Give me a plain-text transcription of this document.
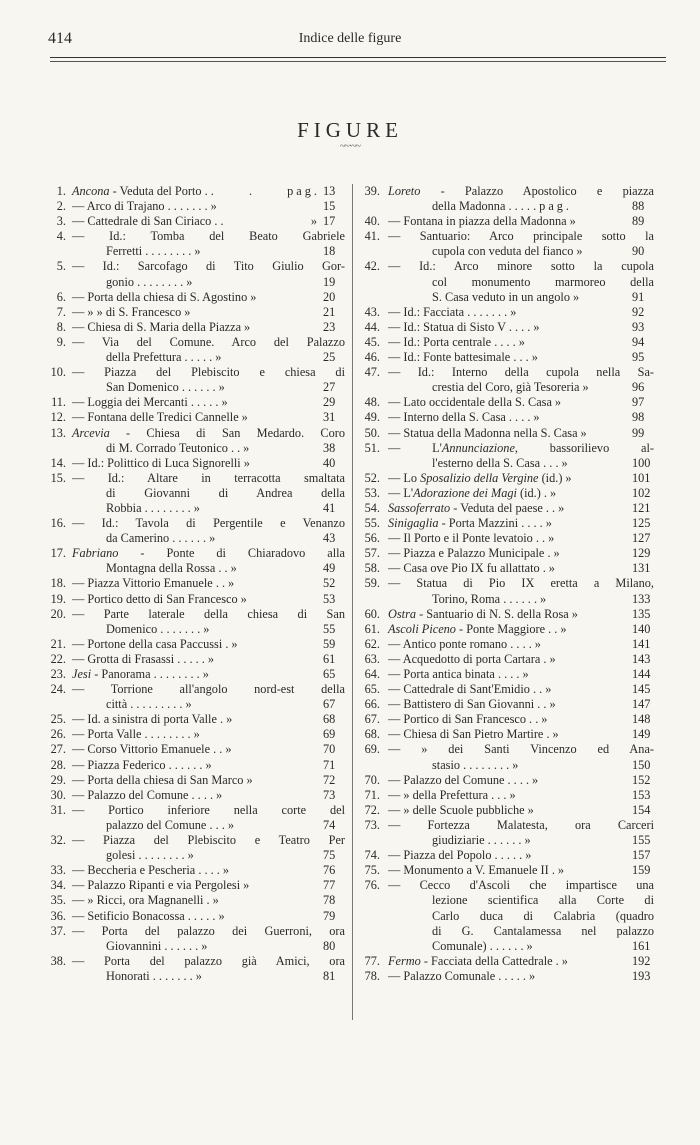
414	Indice delle figure
FIGURE
~~·~~
1. Ancona - Veduta del Porto . . . pag. 13
2. — Arco di Trajano . . . . . . . »	15
3. — Cattedrale di San Ciriaco . . » 17
4. — Id.: Tomba del Beato Gabriele
Ferretti . . . . . . . . »	18
5. — Id.: Sarcofago di Tito Giulio Gor-
gonio . . . . . . . . »	19
6. — Porta della chiesa di S. Agostino »	20
7. — » » di S. Francesco »	21
8. — Chiesa di S. Maria della Piazza »	23
9. — Via del Comune. Arco del Palazzo
della Prefettura . . . . . »	25
10. — Piazza del Plebiscito e chiesa di
San Domenico . . . . . . »	27
11. — Loggia dei Mercanti . . . . . »	29
12. — Fontana delle Tredici Cannelle »	31
13. Arcevia - Chiesa di San Medardo. Coro
di M. Corrado Teutonico . . »	38
14. — Id.: Polittico di Luca Signorelli »	40
15. — Id.: Altare in terracotta smaltata
di Giovanni di Andrea della
Robbia . . . . . . . . »	41
16. — Id.: Tavola di Pergentile e Venanzo
da Camerino . . . . . . »	43
17. Fabriano - Ponte di Chiaradovo alla
Montagna della Rossa . . »	49
18. — Piazza Vittorio Emanuele . . »	52
19. — Portico detto di San Francesco »	53
20. — Parte laterale della chiesa di San
Domenico . . . . . . . »	55
21. — Portone della casa Paccussi . »	59
22. — Grotta di Frasassi . . . . . »	61
23. Jesi - Panorama . . . . . . . . »	65
24. — Torrione all'angolo nord-est della
città . . . . . . . . . »	67
25. — Id. a sinistra di porta Valle . »	68
26. — Porta Valle . . . . . . . . »	69
27. — Corso Vittorio Emanuele . . »	70
28. — Piazza Federico . . . . . . »	71
29. — Porta della chiesa di San Marco »	72
30. — Palazzo del Comune . . . . »	73
31. — Portico inferiore nella corte del
palazzo del Comune . . . »	74
32. — Piazza del Plebiscito e Teatro Per
golesi . . . . . . . . »	75
33. — Beccheria e Pescheria . . . . »	76
34. — Palazzo Ripanti e via Pergolesi »	77
35. — » Ricci, ora Magnanelli . »	78
36. — Setificio Bonacossa . . . . . »	79
37. — Porta del palazzo dei Guerroni, ora
Giovannini . . . . . . »	80
38. — Porta del palazzo già Amici, ora
Honorati . . . . . . . »	81
39. Loreto - Palazzo Apostolico e piazza
della Madonna . . . . . pag.	88
40. — Fontana in piazza della Madonna »	89
41. — Santuario: Arco principale sotto la
cupola con veduta del fianco »	90
42. — Id.: Arco minore sotto la cupola
col monumento marmoreo della
S. Casa veduto in un angolo »	91
43. — Id.: Facciata . . . . . . . »	92
44. — Id.: Statua di Sisto V . . . . »	93
45. — Id.: Porta centrale . . . . »	94
46. — Id.: Fonte battesimale . . . »	95
47. — Id.: Interno della cupola nella Sa-
crestia del Coro, già Tesoreria »	96
48. — Lato occidentale della S. Casa »	97
49. — Interno della S. Casa . . . . »	98
50. — Statua della Madonna nella S. Casa »	99
51. — L'Annunciazione, bassorilievo al-
l'esterno della S. Casa . . . »	100
52. — Lo Sposalizio della Vergine (id.) »	101
53. — L'Adorazione dei Magi (id.) . »	102
54. Sassoferrato - Veduta del paese . . »	121
55. Sinigaglia - Porta Mazzini . . . . »	125
56. — Il Porto e il Ponte levatoio . . »	127
57. — Piazza e Palazzo Municipale . »	129
58. — Casa ove Pio IX fu allattato . »	131
59. — Statua di Pio IX eretta a Milano,
Torino, Roma . . . . . . »	133
60. Ostra - Santuario di N. S. della Rosa »	135
61. Ascoli Piceno - Ponte Maggiore . . »	140
62. — Antico ponte romano . . . . »	141
63. — Acquedotto di porta Cartara . »	143
64. — Porta antica binata . . . . »	144
65. — Cattedrale di Sant'Emidio . . »	145
66. — Battistero di San Giovanni . . »	147
67. — Portico di San Francesco . . »	148
68. — Chiesa di San Pietro Martire . »	149
69. — » dei Santi Vincenzo ed Ana-
stasio . . . . . . . . »	150
70. — Palazzo del Comune . . . . »	152
71. — » della Prefettura . . . »	153
72. — » delle Scuole pubbliche »	154
73. — Fortezza Malatesta, ora Carceri
giudiziarie . . . . . . »	155
74. — Piazza del Popolo . . . . . »	157
75. — Monumento a V. Emanuele II . »	159
76. — Cecco d'Ascoli che impartisce una
lezione scientifica alla Corte di
Carlo duca di Calabria (quadro
di G. Cantalamessa nel palazzo
Comunale) . . . . . . »	161
77. Fermo - Facciata della Cattedrale . »	192
78. — Palazzo Comunale . . . . . »	193
